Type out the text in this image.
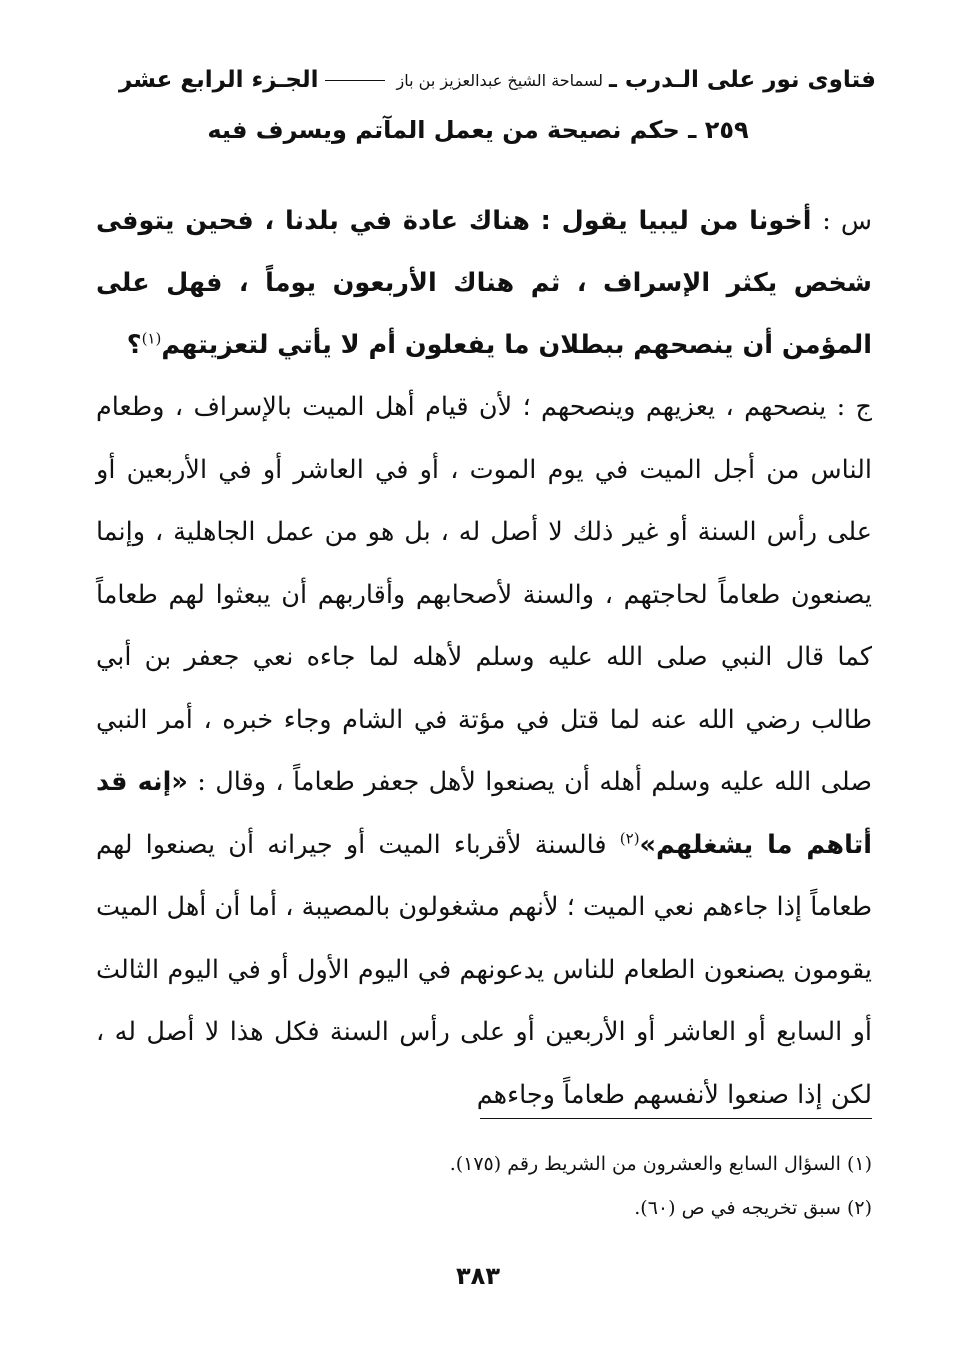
فتاوى نور على الـدرب ـ
لسماحة الشيخ عبدالعزيز بن باز
الجـزء الرابع عشر
٢٥٩ ـ حكم نصيحة من يعمل المآتم ويسرف فيه

س : أخونا من ليبيا يقول : هناك عادة في بلدنا ، فحين يتوفى شخص يكثر الإسراف ، ثم هناك الأربعون يوماً ، فهل على المؤمن أن ينصحهم ببطلان ما يفعلون أم لا يأتي لتعزيتهم$^{(١)}$؟

ج : ينصحهم ، يعزيهم وينصحهم ؛ لأن قيام أهل الميت بالإسراف ، وطعام الناس من أجل الميت في يوم الموت ، أو في العاشر أو في الأربعين أو على رأس السنة أو غير ذلك لا أصل له ، بل هو من عمل الجاهلية ، وإنما يصنعون طعاماً لحاجتهم ، والسنة لأصحابهم وأقاربهم أن يبعثوا لهم طعاماً كما قال النبي صلى الله عليه وسلم لأهله لما جاءه نعي جعفر بن أبي طالب رضي الله عنه لما قتل في مؤتة في الشام وجاء خبره ، أمر النبي صلى الله عليه وسلم أهله أن يصنعوا لأهل جعفر طعاماً ، وقال : «إنه قد أتاهم ما يشغلهم»$^{(٢)}$ فالسنة لأقرباء الميت أو جيرانه أن يصنعوا لهم طعاماً إذا جاءهم نعي الميت ؛ لأنهم مشغولون بالمصيبة ، أما أن أهل الميت يقومون يصنعون الطعام للناس يدعونهم في اليوم الأول أو في اليوم الثالث أو السابع أو العاشر أو الأربعين أو على رأس السنة فكل هذا لا أصل له ، لكن إذا صنعوا لأنفسهم طعاماً وجاءهم

(١) السؤال السابع والعشرون من الشريط رقم (١٧٥).

(٢) سبق تخريجه في ص (٦٠).

٣٨٣
